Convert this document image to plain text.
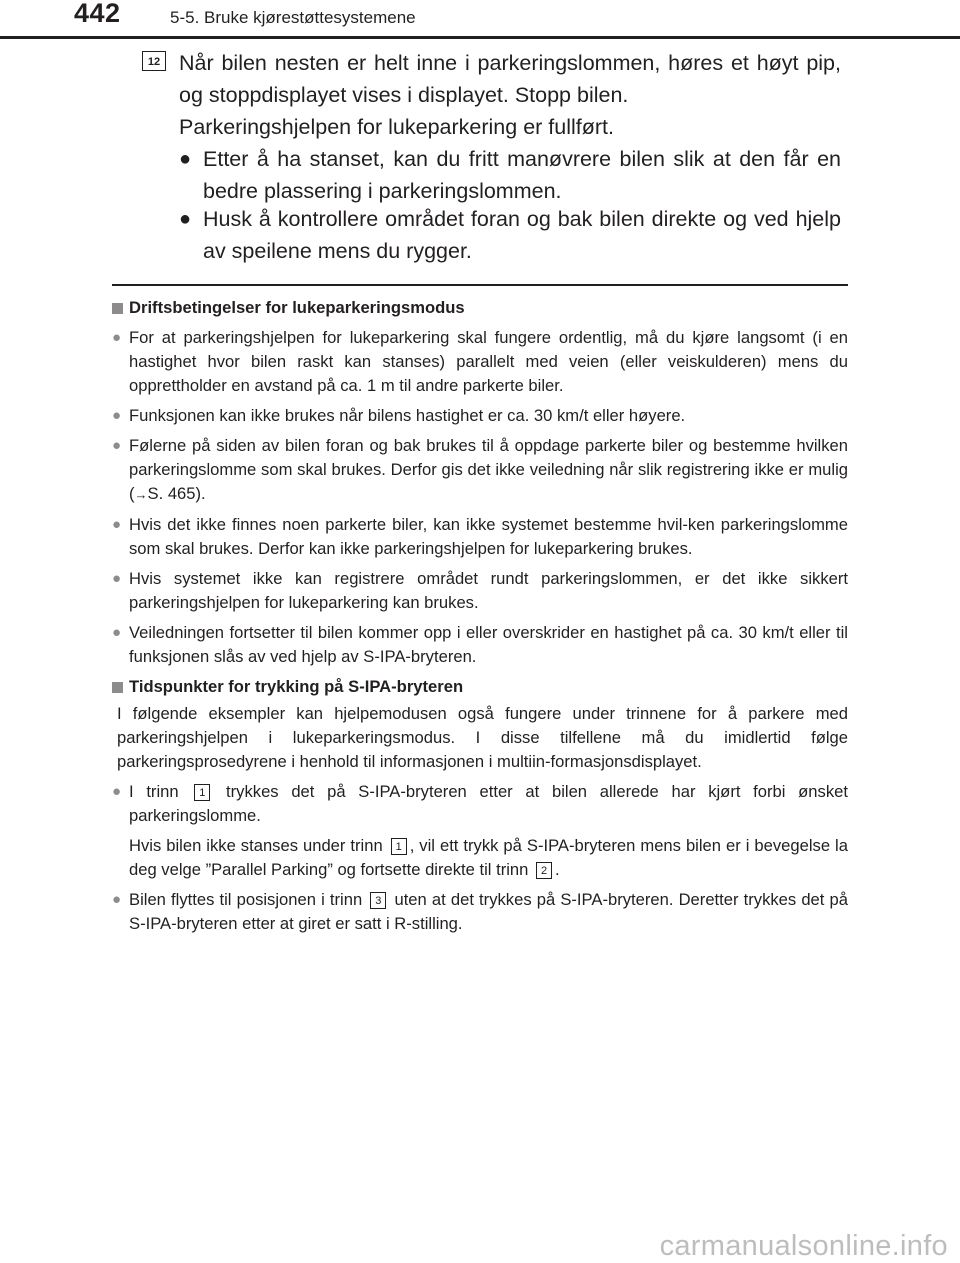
442	5-5. Bruke kjørestøttesystemene
12 Når bilen nesten er helt inne i parkeringslommen, høres et høyt pip, og stoppdisplayet vises i displayet. Stopp bilen.

Parkeringshjelpen for lukeparkering er fullført.

● Etter å ha stanset, kan du fritt manøvrere bilen slik at den får en bedre plassering i parkeringslommen.
● Husk å kontrollere området foran og bak bilen direkte og ved hjelp av speilene mens du rygger.
Driftsbetingelser for lukeparkeringsmodus
● For at parkeringshjelpen for lukeparkering skal fungere ordentlig, må du kjøre langsomt (i en hastighet hvor bilen raskt kan stanses) parallelt med veien (eller veiskulderen) mens du opprettholder en avstand på ca. 1 m til andre parkerte biler.
● Funksjonen kan ikke brukes når bilens hastighet er ca. 30 km/t eller høyere.
● Følerne på siden av bilen foran og bak brukes til å oppdage parkerte biler og bestemme hvilken parkeringslomme som skal brukes. Derfor gis det ikke veiledning når slik registrering ikke er mulig (→S. 465).
● Hvis det ikke finnes noen parkerte biler, kan ikke systemet bestemme hvil-ken parkeringslomme som skal brukes. Derfor kan ikke parkeringshjelpen for lukeparkering brukes.
● Hvis systemet ikke kan registrere området rundt parkeringslommen, er det ikke sikkert parkeringshjelpen for lukeparkering kan brukes.
● Veiledningen fortsetter til bilen kommer opp i eller overskrider en hastighet på ca. 30 km/t eller til funksjonen slås av ved hjelp av S-IPA-bryteren.
Tidspunkter for trykking på S-IPA-bryteren
I følgende eksempler kan hjelpemodusen også fungere under trinnene for å parkere med parkeringshjelpen i lukeparkeringsmodus. I disse tilfellene må du imidlertid følge parkeringsprosedyrene i henhold til informasjonen i multiin-formasjonsdisplayet.
● I trinn 1 trykkes det på S-IPA-bryteren etter at bilen allerede har kjørt forbi ønsket parkeringslomme.
Hvis bilen ikke stanses under trinn 1 , vil ett trykk på S-IPA-bryteren mens bilen er i bevegelse la deg velge ”Parallel Parking” og fortsette direkte til trinn 2 .
● Bilen flyttes til posisjonen i trinn 3 uten at det trykkes på S-IPA-bryteren. Deretter trykkes det på S-IPA-bryteren etter at giret er satt i R-stilling.
carmanualsonline.info
